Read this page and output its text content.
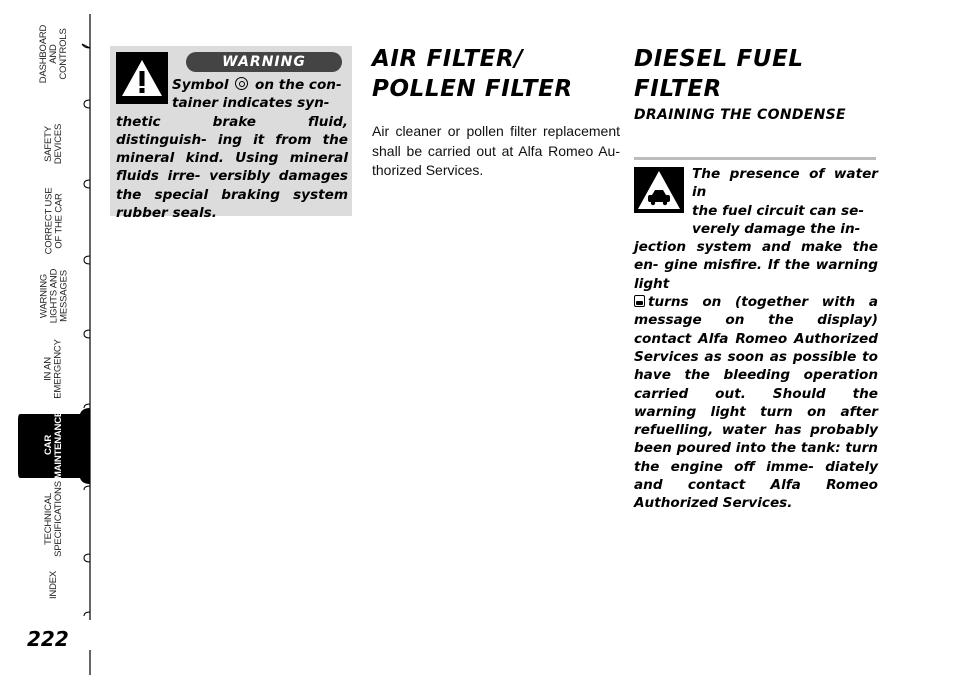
DASHBOARD
AND
CONTROLS
SAFETY
DEVICES
CORRECT USE
OF THE CAR
WARNING
LIGHTS AND
MESSAGES
IN AN
EMERGENCY
CAR
MAINTENANCE
TECHNICAL
SPECIFICATIONS
INDEX
222
WARNING
Symbol on the con-
tainer indicates syn-
thetic brake fluid, distinguish- ing it from the mineral kind. Using mineral fluids irre- versibly damages the special braking system rubber seals.
AIR FILTER/ POLLEN FILTER
Air cleaner or pollen filter replacement shall be carried out at Alfa Romeo Au- thorized Services.
DIESEL FUEL FILTER
DRAINING THE CONDENSE
The presence of water in
the fuel circuit can se-
verely damage the in-
jection system and make the en- gine misfire. If the warning light
turns on (together with a message on the display) contact Alfa Romeo Authorized Services as soon as possible to have the bleeding operation carried out. Should the warning light turn on after refuelling, water has probably been poured into the tank: turn the engine off imme- diately and contact Alfa Romeo Authorized Services.
